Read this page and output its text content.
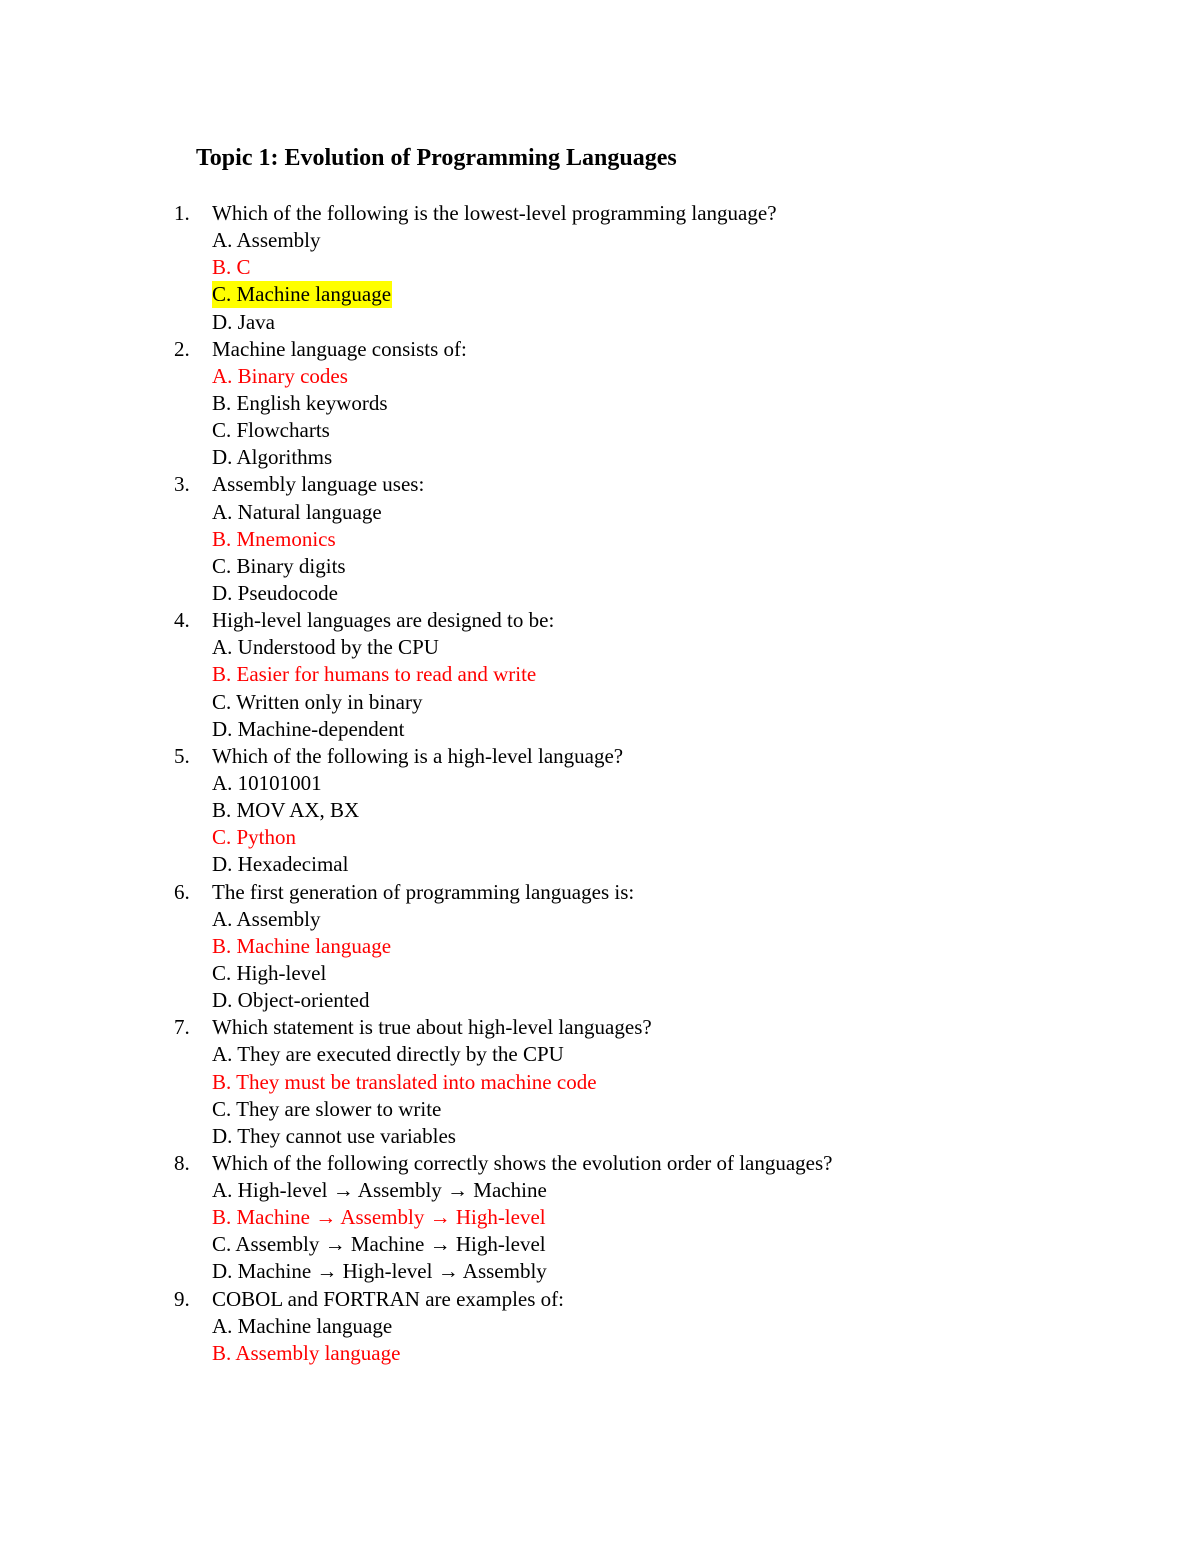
Topic 1: Evolution of Programming Languages
1. Which of the following is the lowest-level programming language?
A. Assembly
B. C
C. Machine language
D. Java
2. Machine language consists of:
A. Binary codes
B. English keywords
C. Flowcharts
D. Algorithms
3. Assembly language uses:
A. Natural language
B. Mnemonics
C. Binary digits
D. Pseudocode
4. High-level languages are designed to be:
A. Understood by the CPU
B. Easier for humans to read and write
C. Written only in binary
D. Machine-dependent
5. Which of the following is a high-level language?
A. 10101001
B. MOV AX, BX
C. Python
D. Hexadecimal
6. The first generation of programming languages is:
A. Assembly
B. Machine language
C. High-level
D. Object-oriented
7. Which statement is true about high-level languages?
A. They are executed directly by the CPU
B. They must be translated into machine code
C. They are slower to write
D. They cannot use variables
8. Which of the following correctly shows the evolution order of languages?
A. High-level → Assembly → Machine
B. Machine → Assembly → High-level
C. Assembly → Machine → High-level
D. Machine → High-level → Assembly
9. COBOL and FORTRAN are examples of:
A. Machine language
B. Assembly language
